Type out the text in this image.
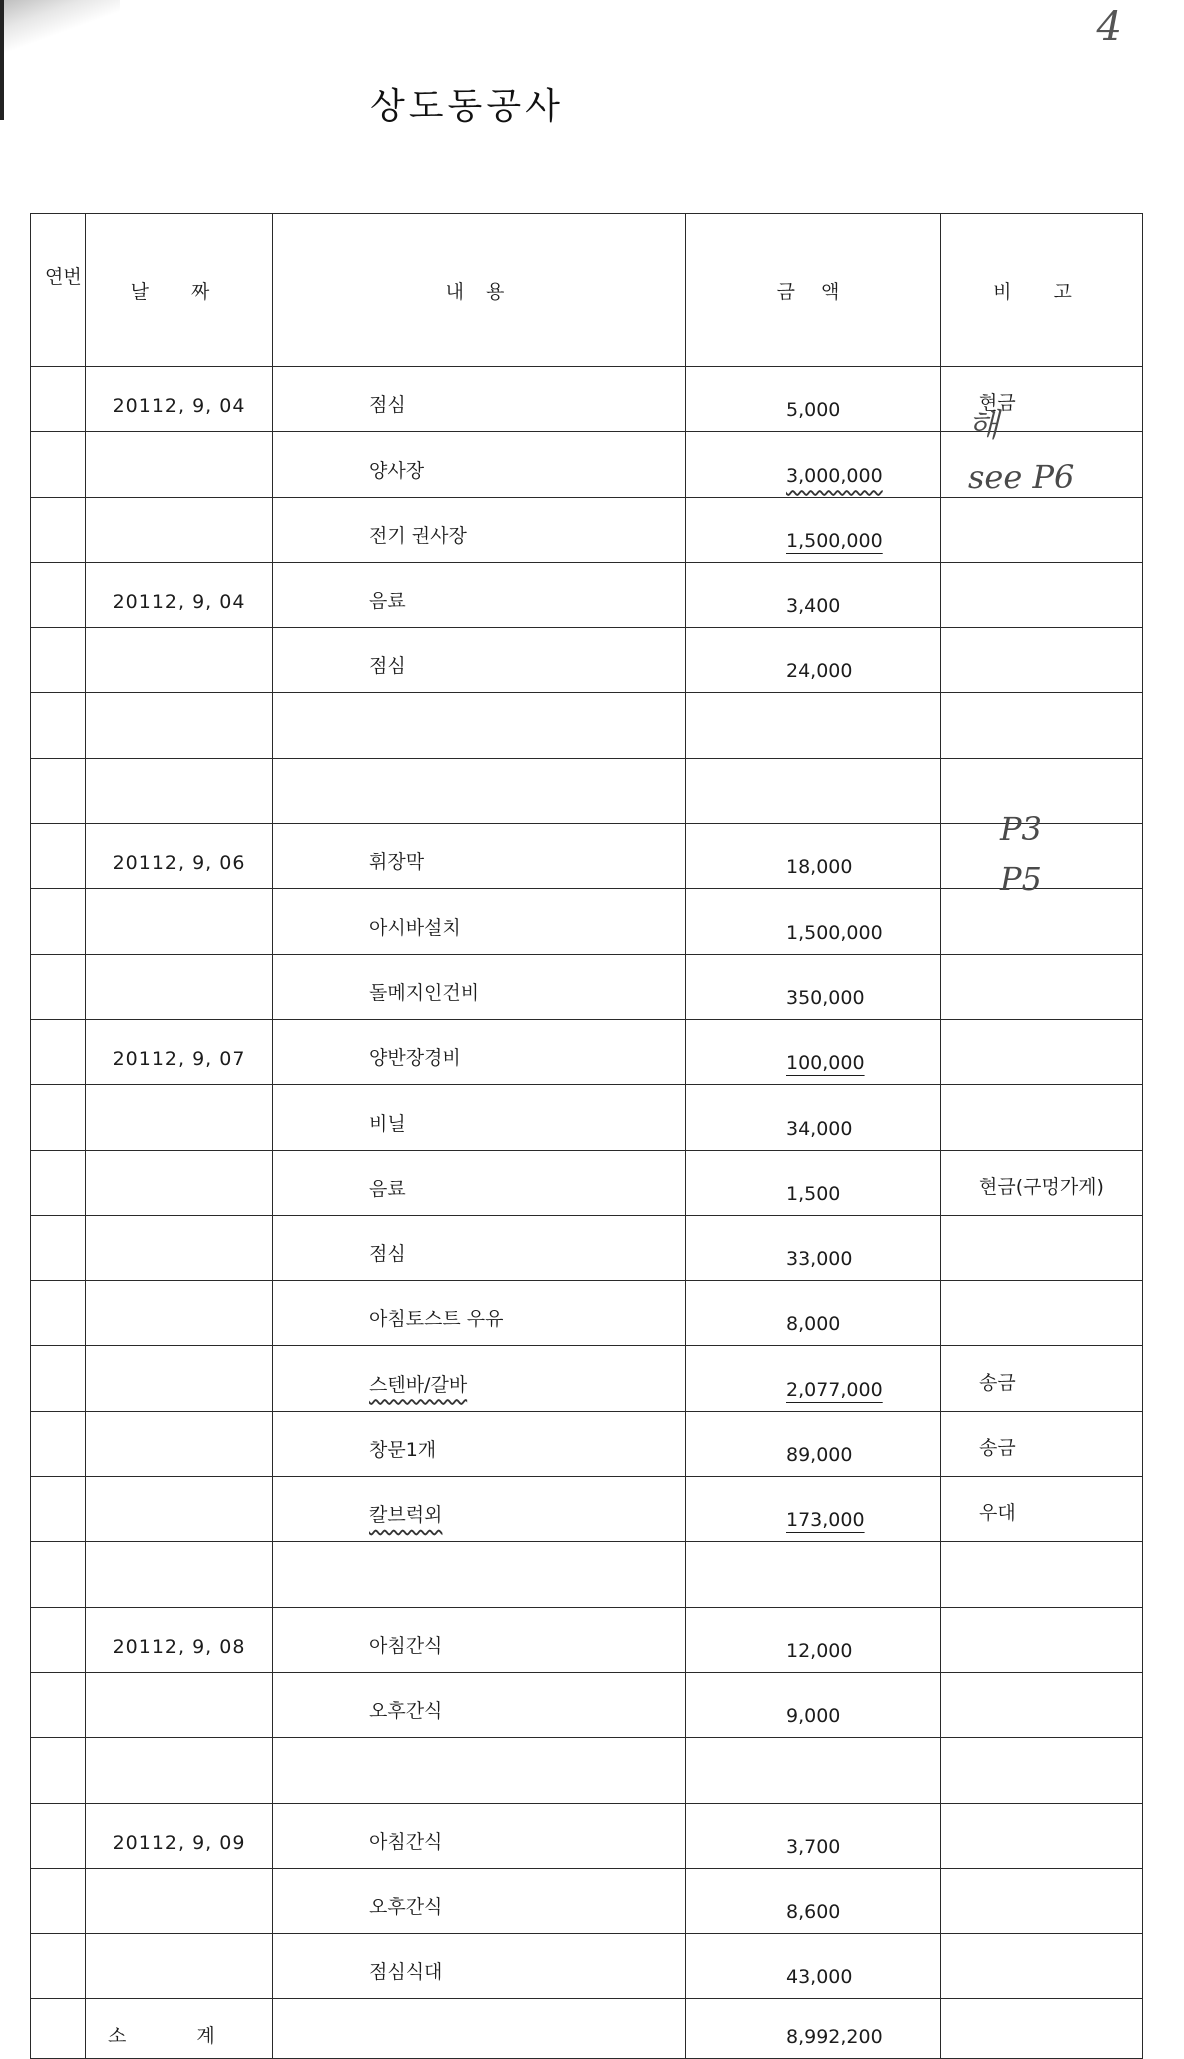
4
상도동공사
연번	날 짜	내 용	금 액	비 고
	20112, 9, 04	점심	5,000	현금
		양사장	3,000,000	
		전기 권사장	1,500,000	
	20112, 9, 04	음료	3,400	
		점심	24,000	

	20112, 9, 06	휘장막	18,000	
		아시바설치	1,500,000	
		돌메지인건비	350,000	
	20112, 9, 07	양반장경비	100,000	
		비닐	34,000	
		음료	1,500	현금(구멍가게)
		점심	33,000	
		아침토스트 우유	8,000	
		스텐바/갈바	2,077,000	송금
		창문1개	89,000	송금
		칼브럭외	173,000	우대

	20112, 9, 08	아침간식	12,000	
		오후간식	9,000	

	20112, 9, 09	아침간식	3,700	
		오후간식	8,600	
		점심식대	43,000	
	소 계		8,992,200	
해
see P6
P3
P5
